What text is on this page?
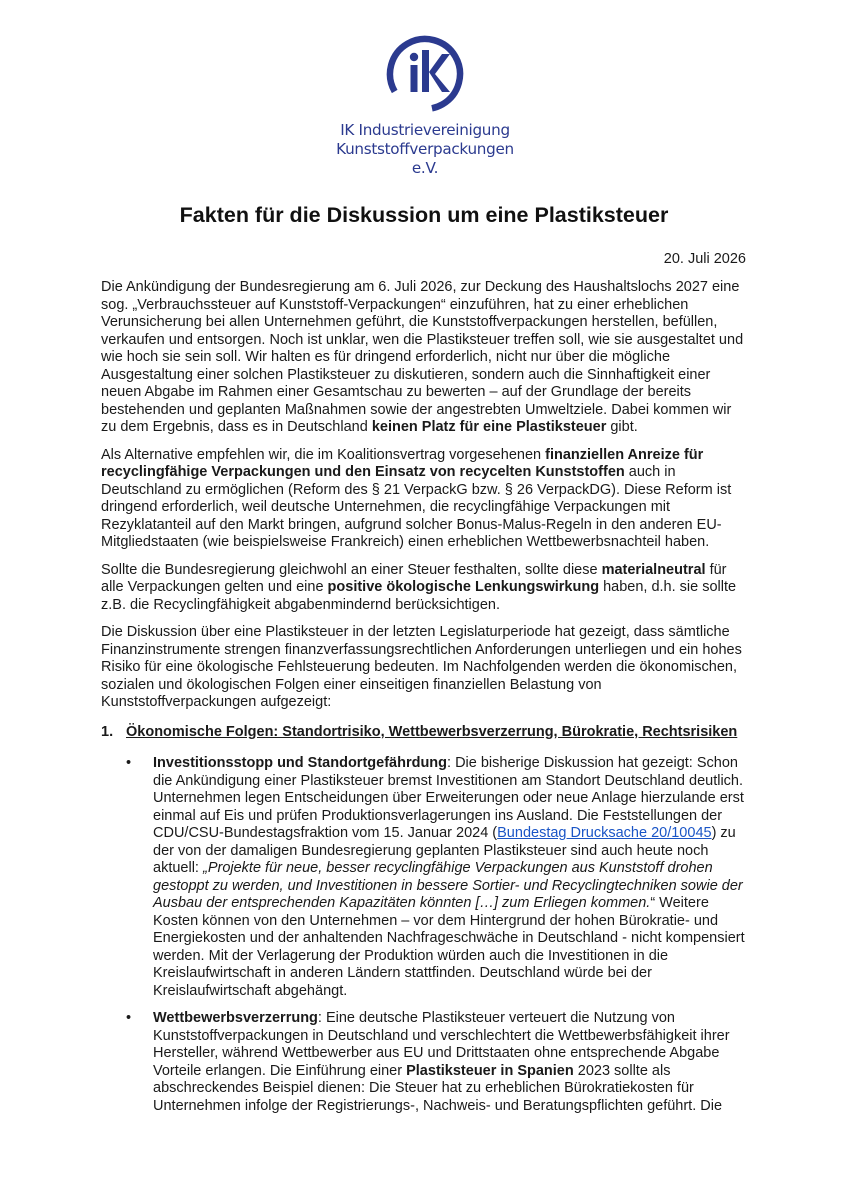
IK Industrievereinigung
Kunststoffverpackungen e.V.
Fakten für die Diskussion um eine Plastiksteuer
20. Juli 2026

Die Ankündigung der Bundesregierung am 6. Juli 2026, zur Deckung des Haushaltslochs 2027 eine sog. „Verbrauchssteuer auf Kunststoff-Verpackungen“ einzuführen, hat zu einer erheblichen Verunsicherung bei allen Unternehmen geführt, die Kunststoffverpackungen herstellen, befüllen, verkaufen und entsorgen. Noch ist unklar, wen die Plastiksteuer treffen soll, wie sie ausgestaltet und wie hoch sie sein soll. Wir halten es für dringend erforderlich, nicht nur über die mögliche Ausgestaltung einer solchen Plastiksteuer zu diskutieren, sondern auch die Sinnhaftigkeit einer neuen Abgabe im Rahmen einer Gesamtschau zu bewerten – auf der Grundlage der bereits bestehenden und geplanten Maßnahmen sowie der angestrebten Umweltziele. Dabei kommen wir zu dem Ergebnis, dass es in Deutschland keinen Platz für eine Plastiksteuer gibt.

Als Alternative empfehlen wir, die im Koalitionsvertrag vorgesehenen finanziellen Anreize für recyclingfähige Verpackungen und den Einsatz von recycelten Kunststoffen auch in Deutschland zu ermöglichen (Reform des § 21 VerpackG bzw. § 26 VerpackDG). Diese Reform ist dringend erforderlich, weil deutsche Unternehmen, die recyclingfähige Verpackungen mit Rezyklatanteil auf den Markt bringen, aufgrund solcher Bonus-Malus-Regeln in den anderen EU-Mitgliedstaaten (wie beispielsweise Frankreich) einen erheblichen Wettbewerbsnachteil haben.

Sollte die Bundesregierung gleichwohl an einer Steuer festhalten, sollte diese materialneutral für alle Verpackungen gelten und eine positive ökologische Lenkungswirkung haben, d.h. sie sollte z.B. die Recyclingfähigkeit abgabenmindernd berücksichtigen.

Die Diskussion über eine Plastiksteuer in der letzten Legislaturperiode hat gezeigt, dass sämtliche Finanzinstrumente strengen finanzverfassungsrechtlichen Anforderungen unterliegen und ein hohes Risiko für eine ökologische Fehlsteuerung bedeuten. Im Nachfolgenden werden die ökonomischen, sozialen und ökologischen Folgen einer einseitigen finanziellen Belastung von Kunststoffverpackungen aufgezeigt:

1. Ökonomische Folgen: Standortrisiko, Wettbewerbsverzerrung, Bürokratie, Rechtsrisiken
• Investitionsstopp und Standortgefährdung: Die bisherige Diskussion hat gezeigt: Schon die Ankündigung einer Plastiksteuer bremst Investitionen am Standort Deutschland deutlich. Unternehmen legen Entscheidungen über Erweiterungen oder neue Anlage hierzulande erst einmal auf Eis und prüfen Produktionsverlagerungen ins Ausland. Die Feststellungen der CDU/CSU-Bundestagsfraktion vom 15. Januar 2024 (Bundestag Drucksache 20/10045) zu der von der damaligen Bundesregierung geplanten Plastiksteuer sind auch heute noch aktuell: „Projekte für neue, besser recyclingfähige Verpackungen aus Kunststoff drohen gestoppt zu werden, und Investitionen in bessere Sortier- und Recyclingtechniken sowie der Ausbau der entsprechenden Kapazitäten könnten […] zum Erliegen kommen.“ Weitere Kosten können von den Unternehmen – vor dem Hintergrund der hohen Bürokratie- und Energiekosten und der anhaltenden Nachfrageschwäche in Deutschland - nicht kompensiert werden. Mit der Verlagerung der Produktion würden auch die Investitionen in die Kreislaufwirtschaft in anderen Ländern stattfinden. Deutschland würde bei der Kreislaufwirtschaft abgehängt.
• Wettbewerbsverzerrung: Eine deutsche Plastiksteuer verteuert die Nutzung von Kunststoffverpackungen in Deutschland und verschlechtert die Wettbewerbsfähigkeit ihrer Hersteller, während Wettbewerber aus EU und Drittstaaten ohne entsprechende Abgabe Vorteile erlangen. Die Einführung einer Plastiksteuer in Spanien 2023 sollte als abschreckendes Beispiel dienen: Die Steuer hat zu erheblichen Bürokratiekosten für Unternehmen infolge der Registrierungs-, Nachweis- und Beratungspflichten geführt. Die
